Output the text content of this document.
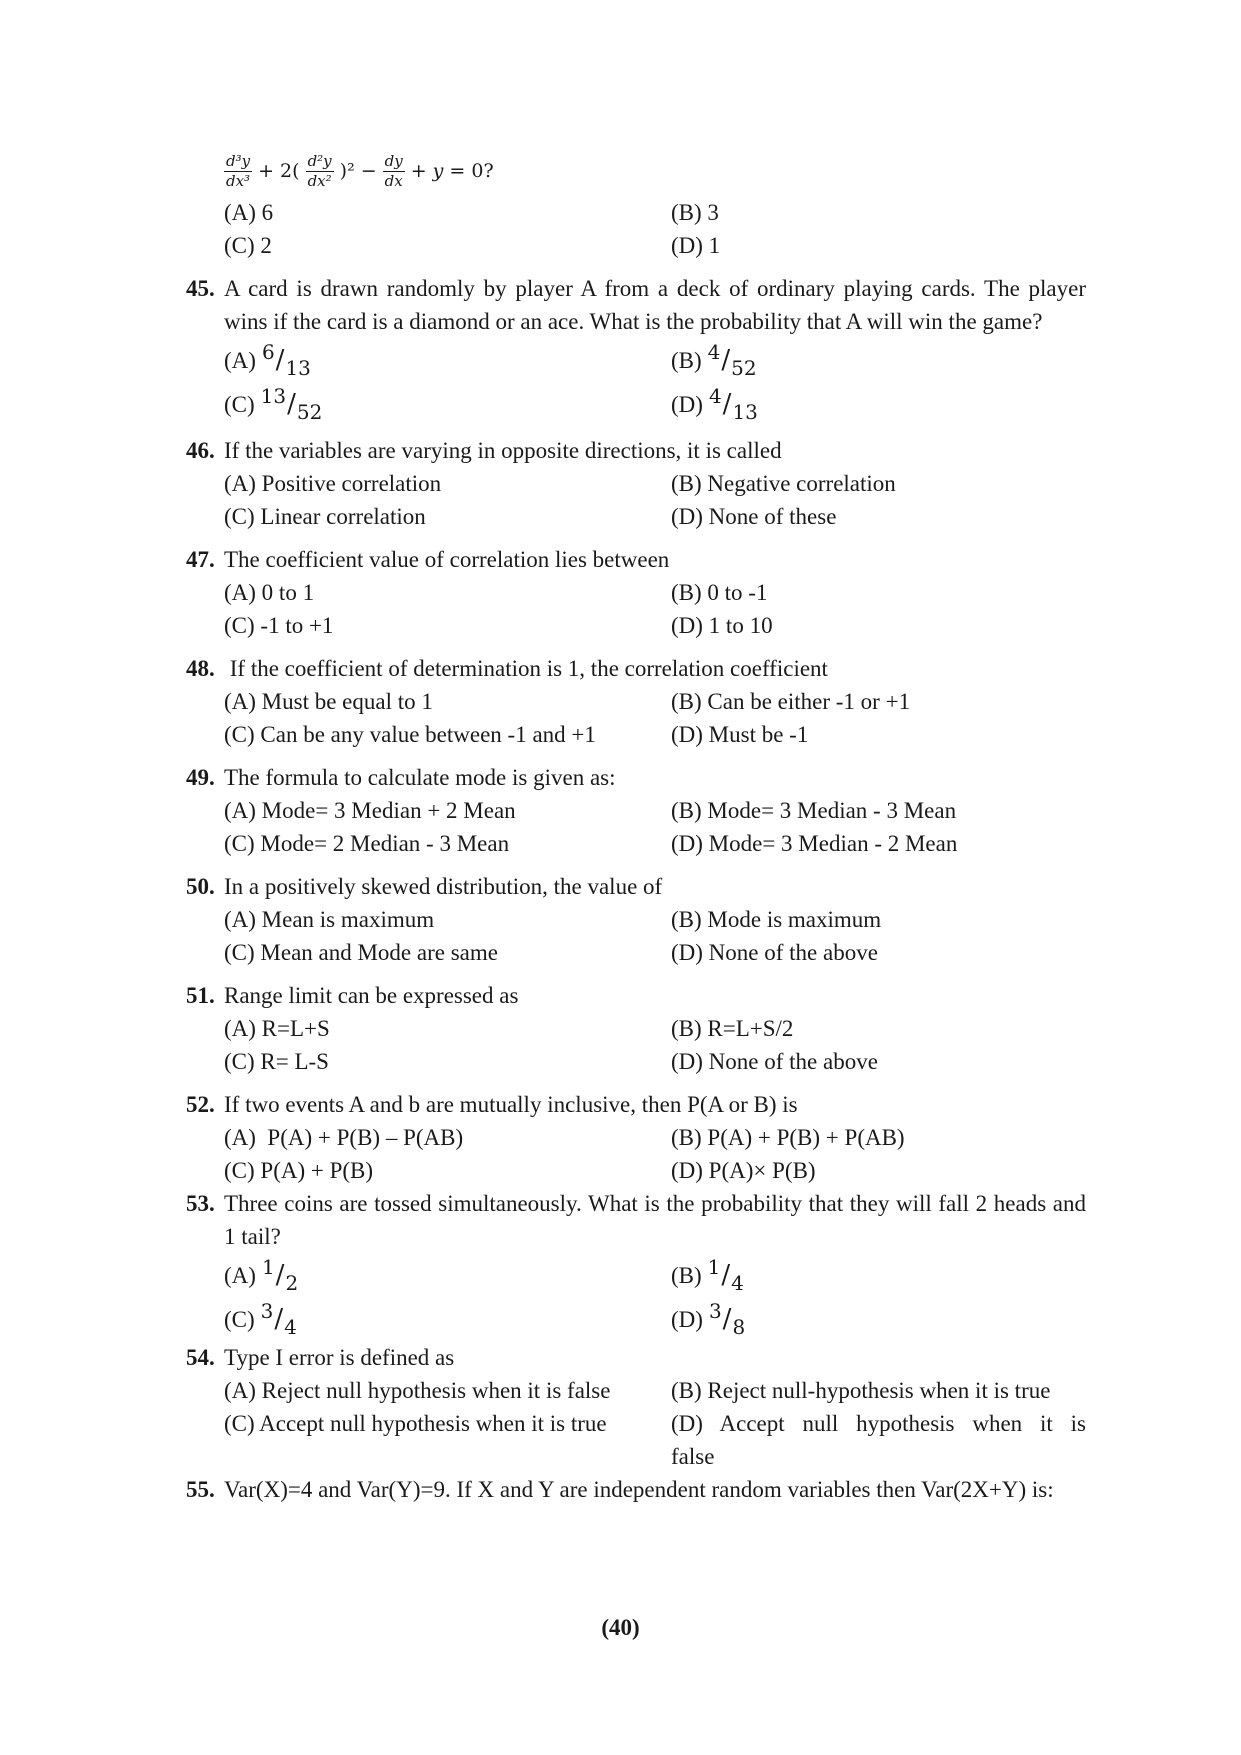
$\frac{\text{d³y}}{\text{dx³}} + 2( \frac{\text{d²y}}{\text{dx²}} )^2 - \frac{dy}{dx} + y = 0$?
(A) 6	(B) 3
(C) 2	(D) 1
45. A card is drawn randomly by player A from a deck of ordinary playing cards. The player wins if the card is a diamond or an ace. What is the probability that A will win the game?
(A) 6 / 13	(B) 4 / 52
(C) 13 / 52	(D) 4 / 13
46. If the variables are varying in opposite directions, it is called
(A) Positive correlation	(B) Negative correlation
(C) Linear correlation	(D) None of these
47. The coefficient value of correlation lies between
(A) 0 to 1	(B) 0 to -1
(C) -1 to +1	(D) 1 to 10
48. If the coefficient of determination is 1, the correlation coefficient
(A) Must be equal to 1	(B) Can be either -1 or +1
(C) Can be any value between -1 and +1	(D) Must be -1
49. The formula to calculate mode is given as:
(A) Mode= 3 Median + 2 Mean	(B) Mode= 3 Median - 3 Mean
(C) Mode= 2 Median - 3 Mean	(D) Mode= 3 Median - 2 Mean
50. In a positively skewed distribution, the value of
(A) Mean is maximum	(B) Mode is maximum
(C) Mean and Mode are same	(D) None of the above
51. Range limit can be expressed as
(A) R=L+S	(B) R=L+S/2
(C) R= L-S	(D) None of the above
52. If two events A and b are mutually inclusive, then P(A or B) is
(A)  P(A) + P(B) – P(AB)	(B) P(A) + P(B) + P(AB)
(C) P(A) + P(B)	(D) P(A)× P(B)
53. Three coins are tossed simultaneously. What is the probability that they will fall 2 heads and 1 tail?
(A) 1 / 2	(B) 1 / 4
(C) 3 / 4	(D) 3 / 8
54. Type I error is defined as
(A) Reject null hypothesis when it is false	(B) Reject null-hypothesis when it is true
(C) Accept null hypothesis when it is true	(D)  Accept  null  hypothesis  when  it  is false
55. Var(X)=4 and Var(Y)=9. If X and Y are independent random variables then Var(2X+Y) is:
(40)
